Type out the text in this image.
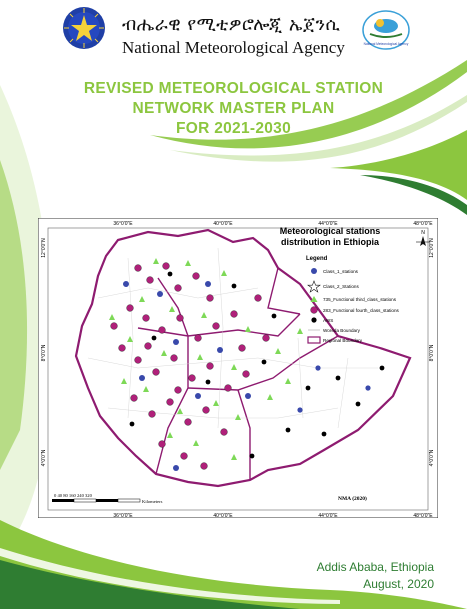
ብሔራዊ የሚቲዎሮሎጂ ኤጀንሲ
National Meteorological Agency	National Meteorological Agency
REVISED METEOROLOGICAL STATION
NETWORK MASTER PLAN
FOR 2021-2030
36°0'0"E	40°0'0"E	44°0'0"E	48°0'0"E
36°0'0"E	40°0'0"E	44°0'0"E	48°0'0"E
12°0'0"N
8°0'0"N
4°0'0"N
12°0'0"N
8°0'0"N
4°0'0"N
Meteorological stations
distribution in Ethiopia
N
Legend
Class_1_stations
Class_2_Stations
735_Functional third_class_stations
283_Functional fourth_class_stations
AWS
Woreda Boundary
Regional Boundary
0 40 80 160 240 320
Kilometers	NMA (2020)
Addis Ababa, Ethiopia
August, 2020
